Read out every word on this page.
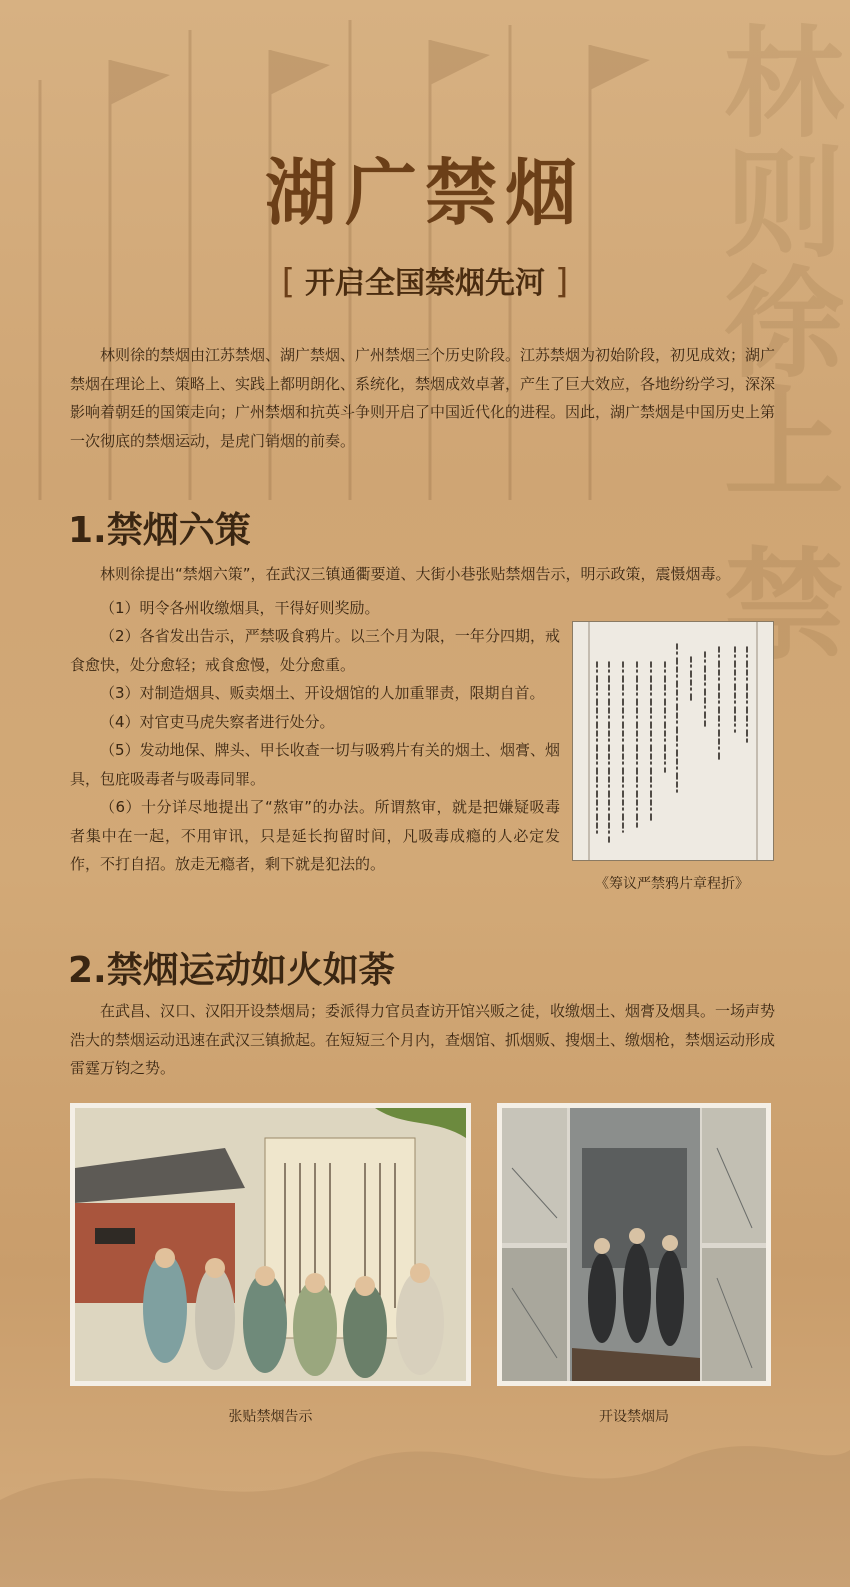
林则徐上 禁
湖广禁烟
[ 开启全国禁烟先河 ]

林则徐的禁烟由江苏禁烟、湖广禁烟、广州禁烟三个历史阶段。江苏禁烟为初始阶段，初见成效；湖广禁烟在理论上、策略上、实践上都明朗化、系统化，禁烟成效卓著，产生了巨大效应，各地纷纷学习，深深影响着朝廷的国策走向；广州禁烟和抗英斗争则开启了中国近代化的进程。因此，湖广禁烟是中国历史上第一次彻底的禁烟运动，是虎门销烟的前奏。

1.禁烟六策

林则徐提出“禁烟六策”，在武汉三镇通衢要道、大街小巷张贴禁烟告示，明示政策，震慑烟毒。

（1）明令各州收缴烟具，干得好则奖励。

（2）各省发出告示，严禁吸食鸦片。以三个月为限，一年分四期，戒食愈快，处分愈轻；戒食愈慢，处分愈重。

（3）对制造烟具、贩卖烟土、开设烟馆的人加重罪责，限期自首。

（4）对官吏马虎失察者进行处分。

（5）发动地保、牌头、甲长收查一切与吸鸦片有关的烟土、烟膏、烟具，包庇吸毒者与吸毒同罪。

（6）十分详尽地提出了“熬审”的办法。所谓熬审，就是把嫌疑吸毒者集中在一起，不用审讯，只是延长拘留时间，凡吸毒成瘾的人必定发作，不打自招。放走无瘾者，剩下就是犯法的。

《筹议严禁鸦片章程折》
2.禁烟运动如火如荼

在武昌、汉口、汉阳开设禁烟局；委派得力官员查访开馆兴贩之徒，收缴烟土、烟膏及烟具。一场声势浩大的禁烟运动迅速在武汉三镇掀起。在短短三个月内，查烟馆、抓烟贩、搜烟土、缴烟枪，禁烟运动形成雷霆万钧之势。

张贴禁烟告示	开设禁烟局
